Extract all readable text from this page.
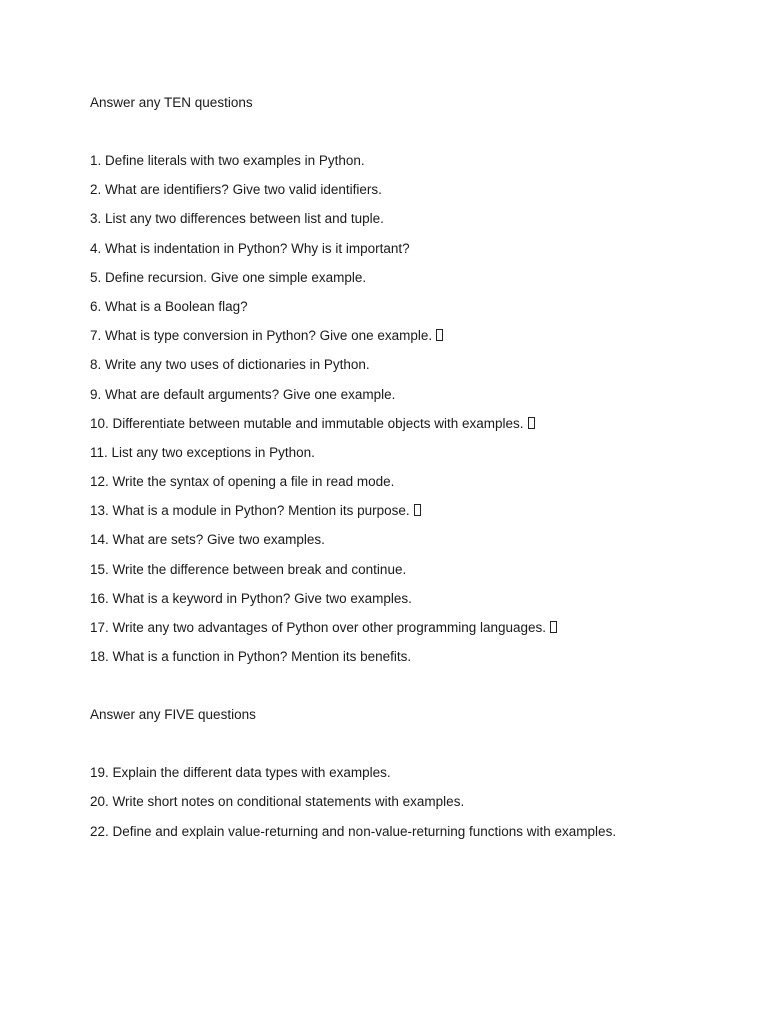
Answer any TEN questions

1. Define literals with two examples in Python.
2. What are identifiers? Give two valid identifiers.
3. List any two differences between list and tuple.
4. What is indentation in Python? Why is it important?
5. Define recursion. Give one simple example.
6. What is a Boolean flag?
7. What is type conversion in Python? Give one example.
8. Write any two uses of dictionaries in Python.
9. What are default arguments? Give one example.
10. Differentiate between mutable and immutable objects with examples.
11. List any two exceptions in Python.
12. Write the syntax of opening a file in read mode.
13. What is a module in Python? Mention its purpose.
14. What are sets? Give two examples.
15. Write the difference between break and continue.
16. What is a keyword in Python? Give two examples.
17. Write any two advantages of Python over other programming languages.
18. What is a function in Python? Mention its benefits.

Answer any FIVE questions

19. Explain the different data types with examples.
20. Write short notes on conditional statements with examples.
22. Define and explain value-returning and non-value-returning functions with examples.
